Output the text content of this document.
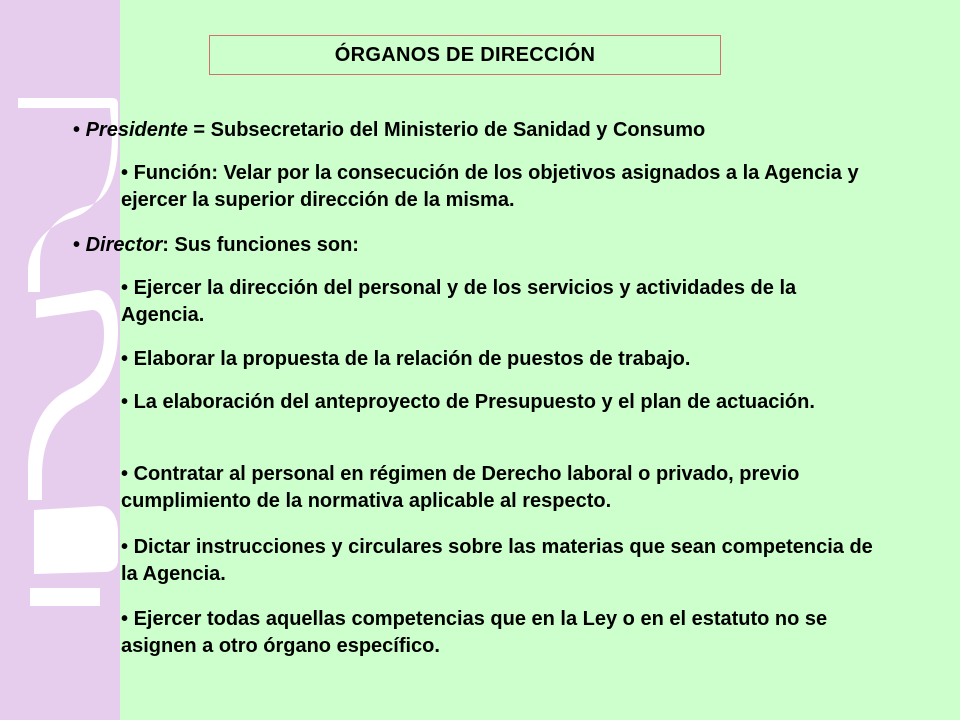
ÓRGANOS DE DIRECCIÓN

• Presidente = Subsecretario del Ministerio de Sanidad y Consumo

• Función: Velar por la consecución de los objetivos asignados a la Agencia y ejercer la superior dirección de la misma.

• Director: Sus funciones son:

• Ejercer la dirección del personal y de los servicios y actividades de la Agencia.

• Elaborar la propuesta de la relación de puestos de trabajo.

• La elaboración del anteproyecto de Presupuesto y el plan de actuación.

• Contratar al personal en régimen de Derecho laboral o privado, previo cumplimiento de la normativa aplicable al respecto.

• Dictar instrucciones y circulares sobre las materias que sean competencia de la Agencia.

• Ejercer todas aquellas competencias que en la Ley o en el estatuto no se asignen a otro órgano específico.
